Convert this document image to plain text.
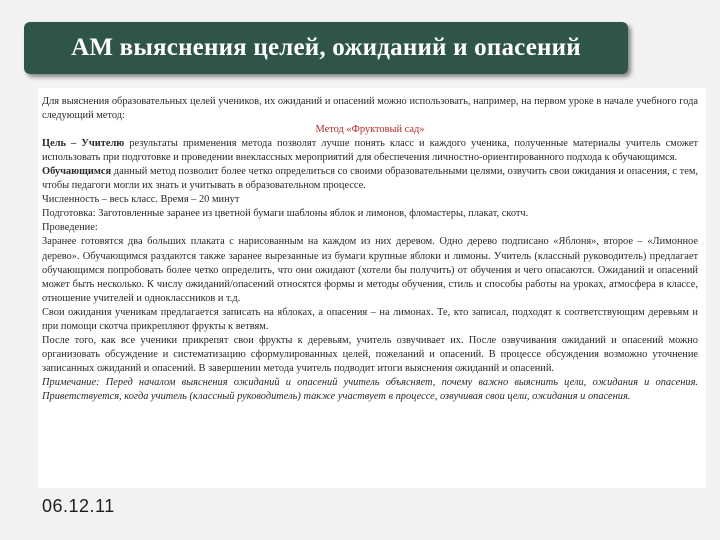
АМ выяснения целей, ожиданий и опасений

Для выяснения образовательных целей учеников, их ожиданий и опасений можно использовать, например, на первом уроке в начале учебного года следующий метод:

Метод «Фруктовый сад»

Цель – Учителю результаты применения метода позволят лучше понять класс и каждого ученика, полученные материалы учитель сможет использовать при подготовке и проведении внеклассных мероприятий для обеспечения личностно-ориентированного подхода к обучающимся.

Обучающимся данный метод позволит более четко определиться со своими образовательными целями, озвучить свои ожидания и опасения, с тем, чтобы педагоги могли их знать и учитывать в образовательном процессе.

Численность – весь класс. Время – 20 минут

Подготовка: Заготовленные заранее из цветной бумаги шаблоны яблок и лимонов, фломастеры, плакат, скотч.

Проведение:

Заранее готовятся два больших плаката с нарисованным на каждом из них деревом. Одно дерево подписано «Яблоня», второе – «Лимонное дерево». Обучающимся раздаются также заранее вырезанные из бумаги крупные яблоки и лимоны. Учитель (классный руководитель) предлагает обучающимся попробовать более четко определить, что они ожидают (хотели бы получить) от обучения и чего опасаются. Ожиданий и опасений может быть несколько. К числу ожиданий/опасений относятся формы и методы обучения, стиль и способы работы на уроках, атмосфера в классе, отношение учителей и одноклассников и т.д.

Свои ожидания ученикам предлагается записать на яблоках, а опасения – на лимонах. Те, кто записал, подходят к соответствующим деревьям и при помощи скотча прикрепляют фрукты к ветвям.

После того, как все ученики прикрепят свои фрукты к деревьям, учитель озвучивает их. После озвучивания ожиданий и опасений можно организовать обсуждение и систематизацию сформулированных целей, пожеланий и опасений. В процессе обсуждения возможно уточнение записанных ожиданий и опасений. В завершении метода учитель подводит итоги выяснения ожиданий и опасений.

Примечание: Перед началом выяснения ожиданий и опасений учитель объясняет, почему важно выяснить цели, ожидания и опасения. Приветствуется, когда учитель (классный руководитель) также участвует в процессе, озвучивая свои цели, ожидания и опасения.

06.12.11
